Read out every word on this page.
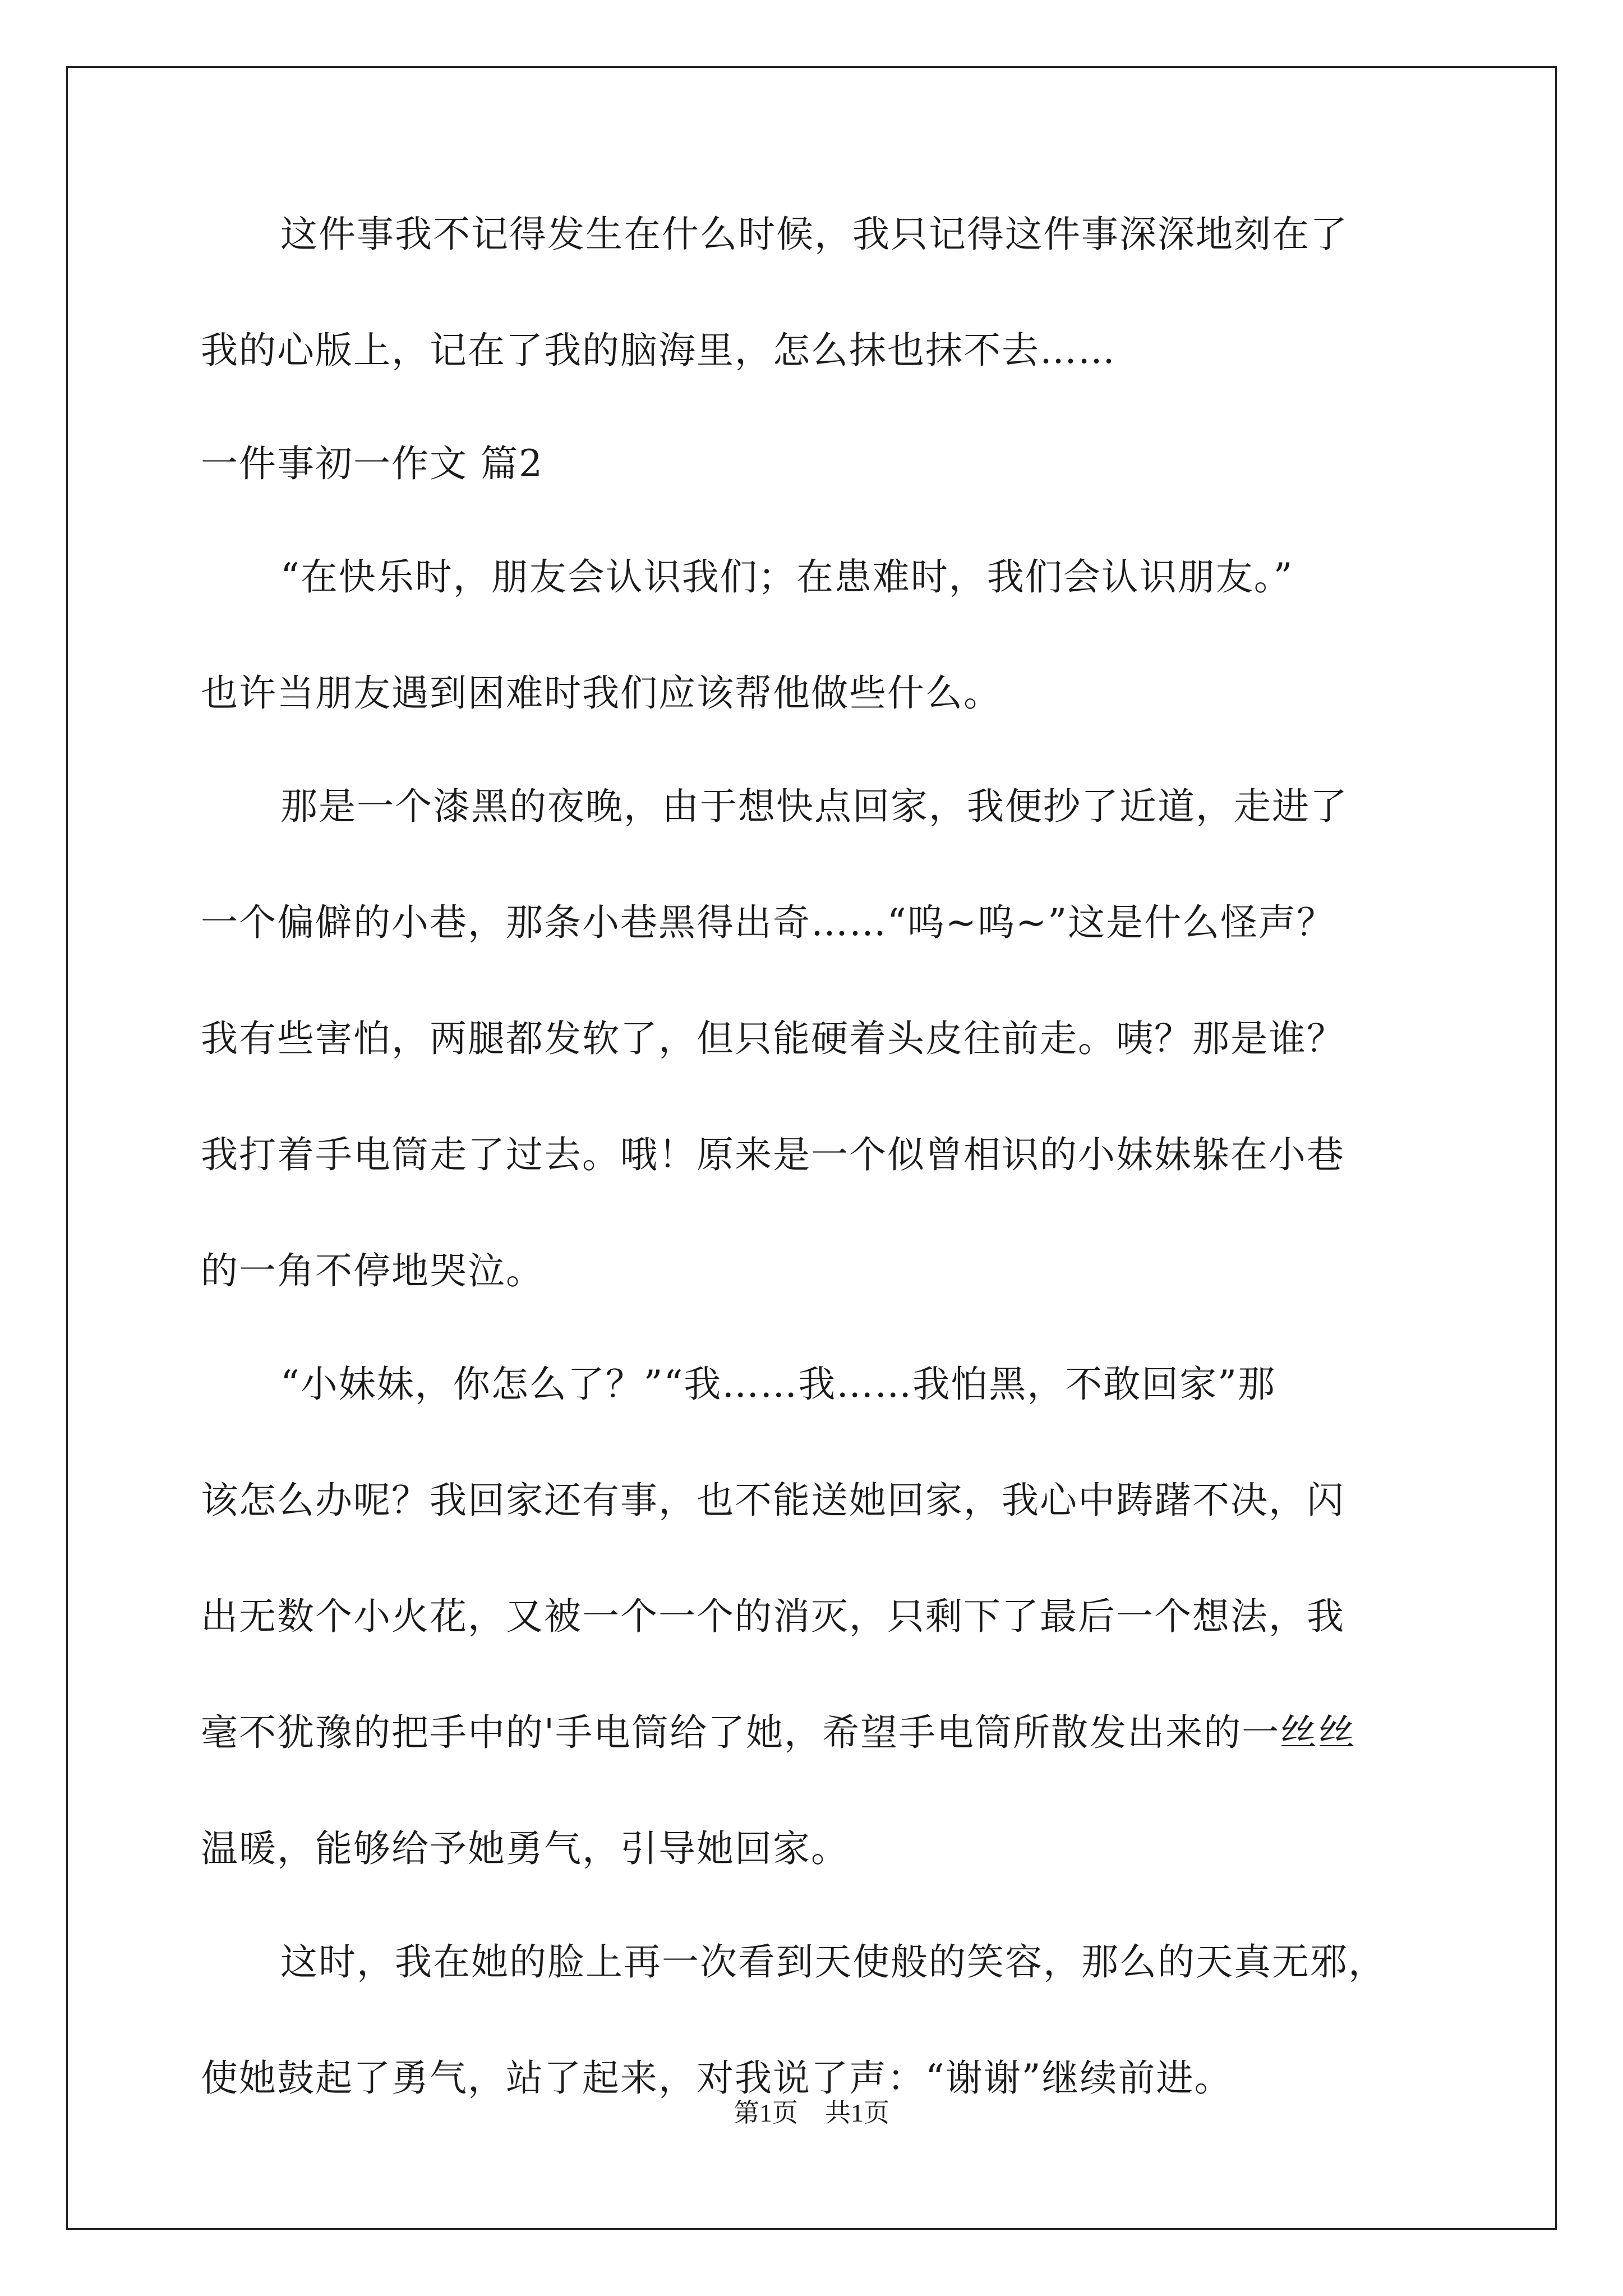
这件事我不记得发生在什么时候，我只记得这件事深深地刻在了
我的心版上，记在了我的脑海里，怎么抹也抹不去……
一件事初一作文 篇2
“在快乐时，朋友会认识我们；在患难时，我们会认识朋友。”
也许当朋友遇到困难时我们应该帮他做些什么。
那是一个漆黑的夜晚，由于想快点回家，我便抄了近道，走进了
一个偏僻的小巷，那条小巷黑得出奇……“呜~呜~”这是什么怪声？
我有些害怕，两腿都发软了，但只能硬着头皮往前走。咦？那是谁？
我打着手电筒走了过去。哦！原来是一个似曾相识的小妹妹躲在小巷
的一角不停地哭泣。
“小妹妹，你怎么了？”“我……我……我怕黑，不敢回家”那
该怎么办呢？我回家还有事，也不能送她回家，我心中踌躇不决，闪
出无数个小火花，又被一个一个的消灭，只剩下了最后一个想法，我
毫不犹豫的把手中的'手电筒给了她，希望手电筒所散发出来的一丝丝
温暖，能够给予她勇气，引导她回家。
这时，我在她的脸上再一次看到天使般的笑容，那么的天真无邪，
使她鼓起了勇气，站了起来，对我说了声：“谢谢”继续前进。
第1页 共1页
